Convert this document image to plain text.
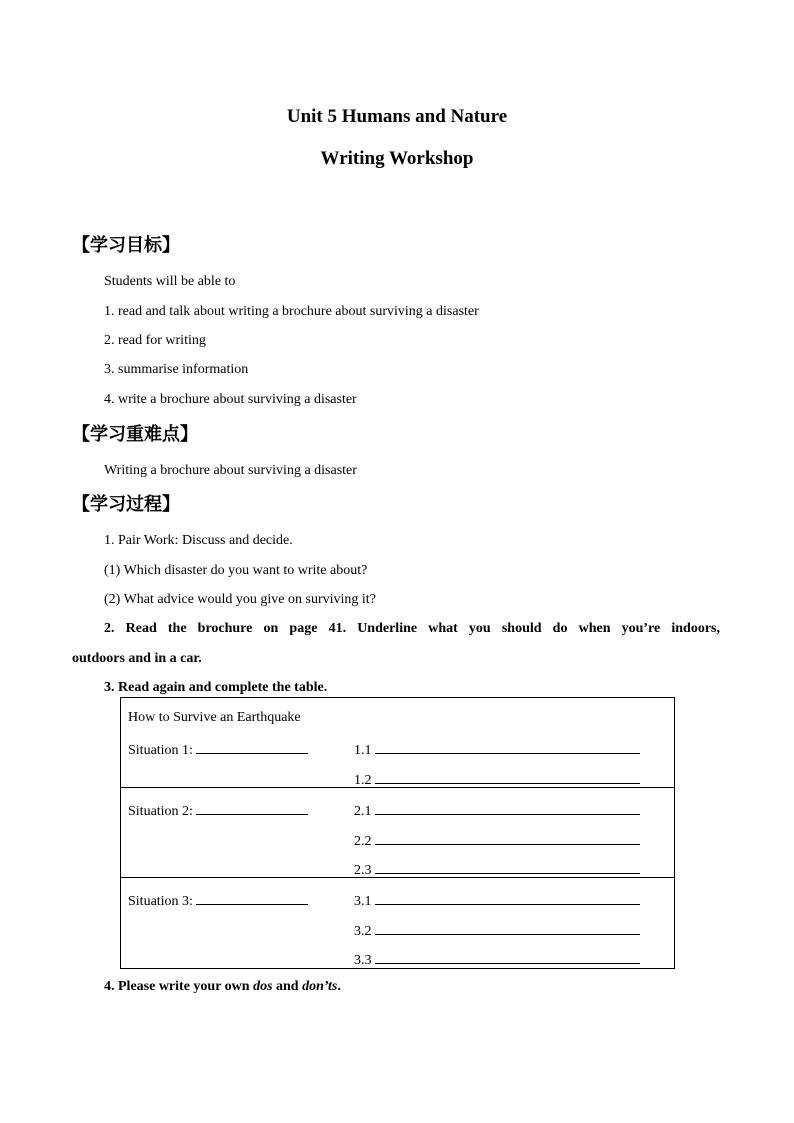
Unit 5 Humans and Nature
Writing Workshop
【学习目标】
Students will be able to
1. read and talk about writing a brochure about surviving a disaster
2. read for writing
3. summarise information
4. write a brochure about surviving a disaster
【学习重难点】
Writing a brochure about surviving a disaster
【学习过程】
1. Pair Work: Discuss and decide.
(1) Which disaster do you want to write about?
(2) What advice would you give on surviving it?
2. Read the brochure on page 41. Underline what you should do when you’re indoors,
outdoors and in a car.
3. Read again and complete the table.
How to Survive an Earthquake
Situation 1:	1.1
1.2

Situation 2:	2.1
2.2
2.3

Situation 3:	3.1
3.2
3.3
4. Please write your own dos and don’ts.
